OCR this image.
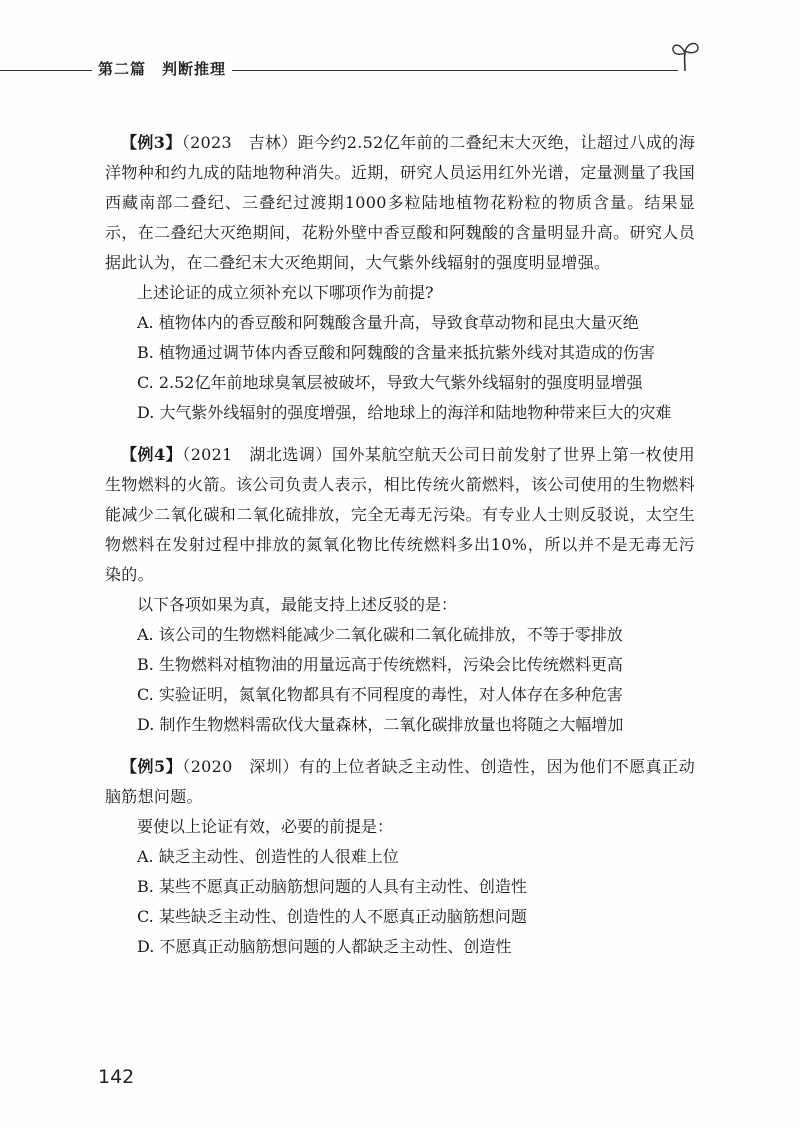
第二篇　判断推理

【例3】（2023　吉林）距今约2.52亿年前的二叠纪末大灭绝，让超过八成的海洋物种和约九成的陆地物种消失。近期，研究人员运用红外光谱，定量测量了我国西藏南部二叠纪、三叠纪过渡期1000多粒陆地植物花粉粒的物质含量。结果显示，在二叠纪大灭绝期间，花粉外壁中香豆酸和阿魏酸的含量明显升高。研究人员据此认为，在二叠纪末大灭绝期间，大气紫外线辐射的强度明显增强。

上述论证的成立须补充以下哪项作为前提?

A. 植物体内的香豆酸和阿魏酸含量升高，导致食草动物和昆虫大量灭绝

B. 植物通过调节体内香豆酸和阿魏酸的含量来抵抗紫外线对其造成的伤害

C. 2.52亿年前地球臭氧层被破坏，导致大气紫外线辐射的强度明显增强

D. 大气紫外线辐射的强度增强，给地球上的海洋和陆地物种带来巨大的灾难

【例4】（2021　湖北选调）国外某航空航天公司日前发射了世界上第一枚使用生物燃料的火箭。该公司负责人表示，相比传统火箭燃料，该公司使用的生物燃料能减少二氧化碳和二氧化硫排放，完全无毒无污染。有专业人士则反驳说，太空生物燃料在发射过程中排放的氮氧化物比传统燃料多出10%，所以并不是无毒无污染的。

以下各项如果为真，最能支持上述反驳的是：

A. 该公司的生物燃料能减少二氧化碳和二氧化硫排放，不等于零排放

B. 生物燃料对植物油的用量远高于传统燃料，污染会比传统燃料更高

C. 实验证明，氮氧化物都具有不同程度的毒性，对人体存在多种危害

D. 制作生物燃料需砍伐大量森林，二氧化碳排放量也将随之大幅增加

【例5】（2020　深圳）有的上位者缺乏主动性、创造性，因为他们不愿真正动脑筋想问题。

要使以上论证有效，必要的前提是：

A. 缺乏主动性、创造性的人很难上位

B. 某些不愿真正动脑筋想问题的人具有主动性、创造性

C. 某些缺乏主动性、创造性的人不愿真正动脑筋想问题

D. 不愿真正动脑筋想问题的人都缺乏主动性、创造性

142
